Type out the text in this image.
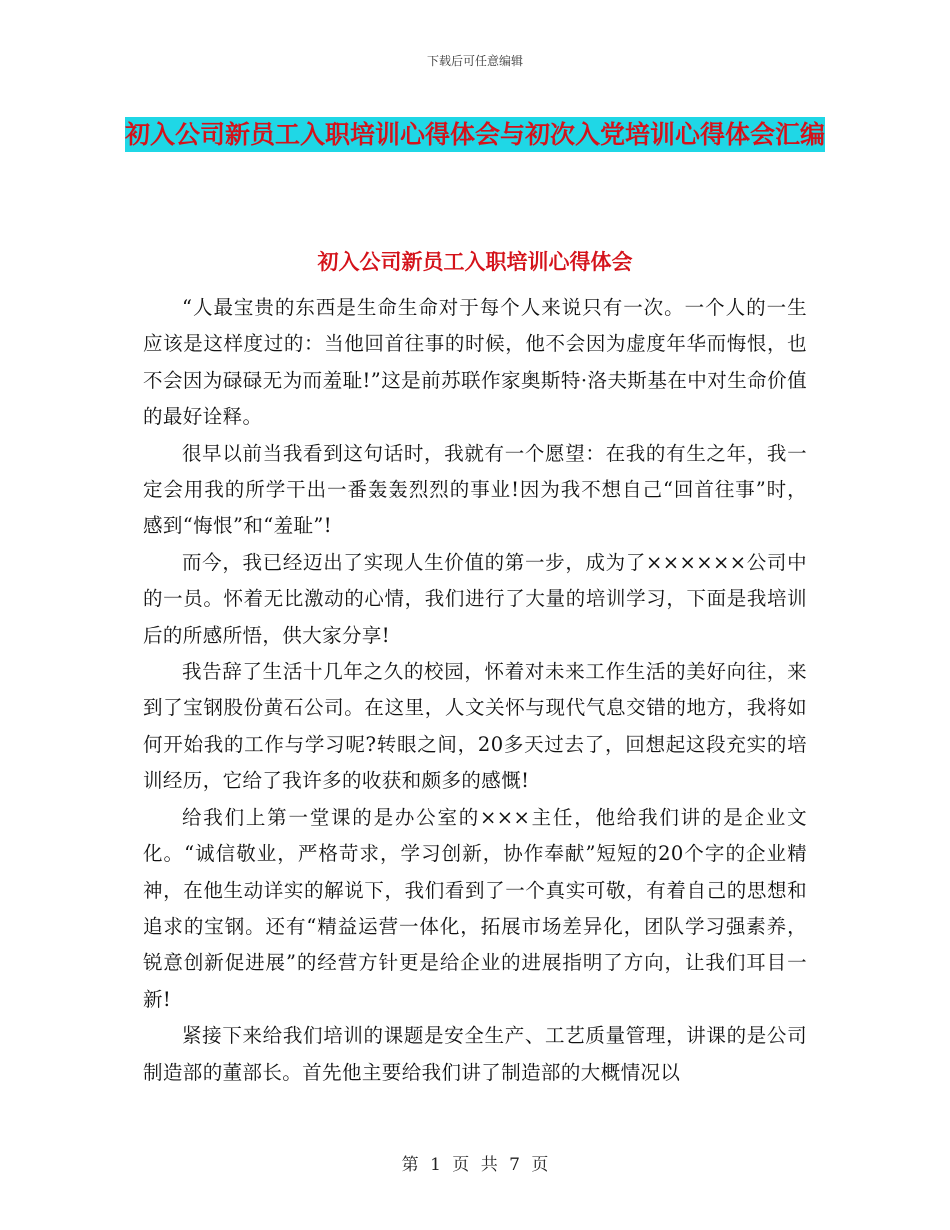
下载后可任意编辑
初入公司新员工入职培训心得体会与初次入党培训心得体会汇编
初入公司新员工入职培训心得体会

“人最宝贵的东西是生命生命对于每个人来说只有一次。一个人的一生应该是这样度过的：当他回首往事的时候，他不会因为虚度年华而悔恨，也不会因为碌碌无为而羞耻!”这是前苏联作家奥斯特·洛夫斯基在中对生命价值的最好诠释。

很早以前当我看到这句话时，我就有一个愿望：在我的有生之年，我一定会用我的所学干出一番轰轰烈烈的事业!因为我不想自己“回首往事”时，感到“悔恨”和“羞耻”!

而今，我已经迈出了实现人生价值的第一步，成为了××××××公司中的一员。怀着无比激动的心情，我们进行了大量的培训学习，下面是我培训后的所感所悟，供大家分享!

我告辞了生活十几年之久的校园，怀着对未来工作生活的美好向往，来到了宝钢股份黄石公司。在这里，人文关怀与现代气息交错的地方，我将如何开始我的工作与学习呢?转眼之间，20多天过去了，回想起这段充实的培训经历，它给了我许多的收获和颇多的感慨!

给我们上第一堂课的是办公室的×××主任，他给我们讲的是企业文化。“诚信敬业，严格苛求，学习创新，协作奉献”短短的20个字的企业精神，在他生动详实的解说下，我们看到了一个真实可敬，有着自己的思想和追求的宝钢。还有“精益运营一体化，拓展市场差异化，团队学习强素养，锐意创新促进展”的经营方针更是给企业的进展指明了方向，让我们耳目一新!

紧接下来给我们培训的课题是安全生产、工艺质量管理，讲课的是公司制造部的董部长。首先他主要给我们讲了制造部的大概情况以

第 1 页 共 7 页
